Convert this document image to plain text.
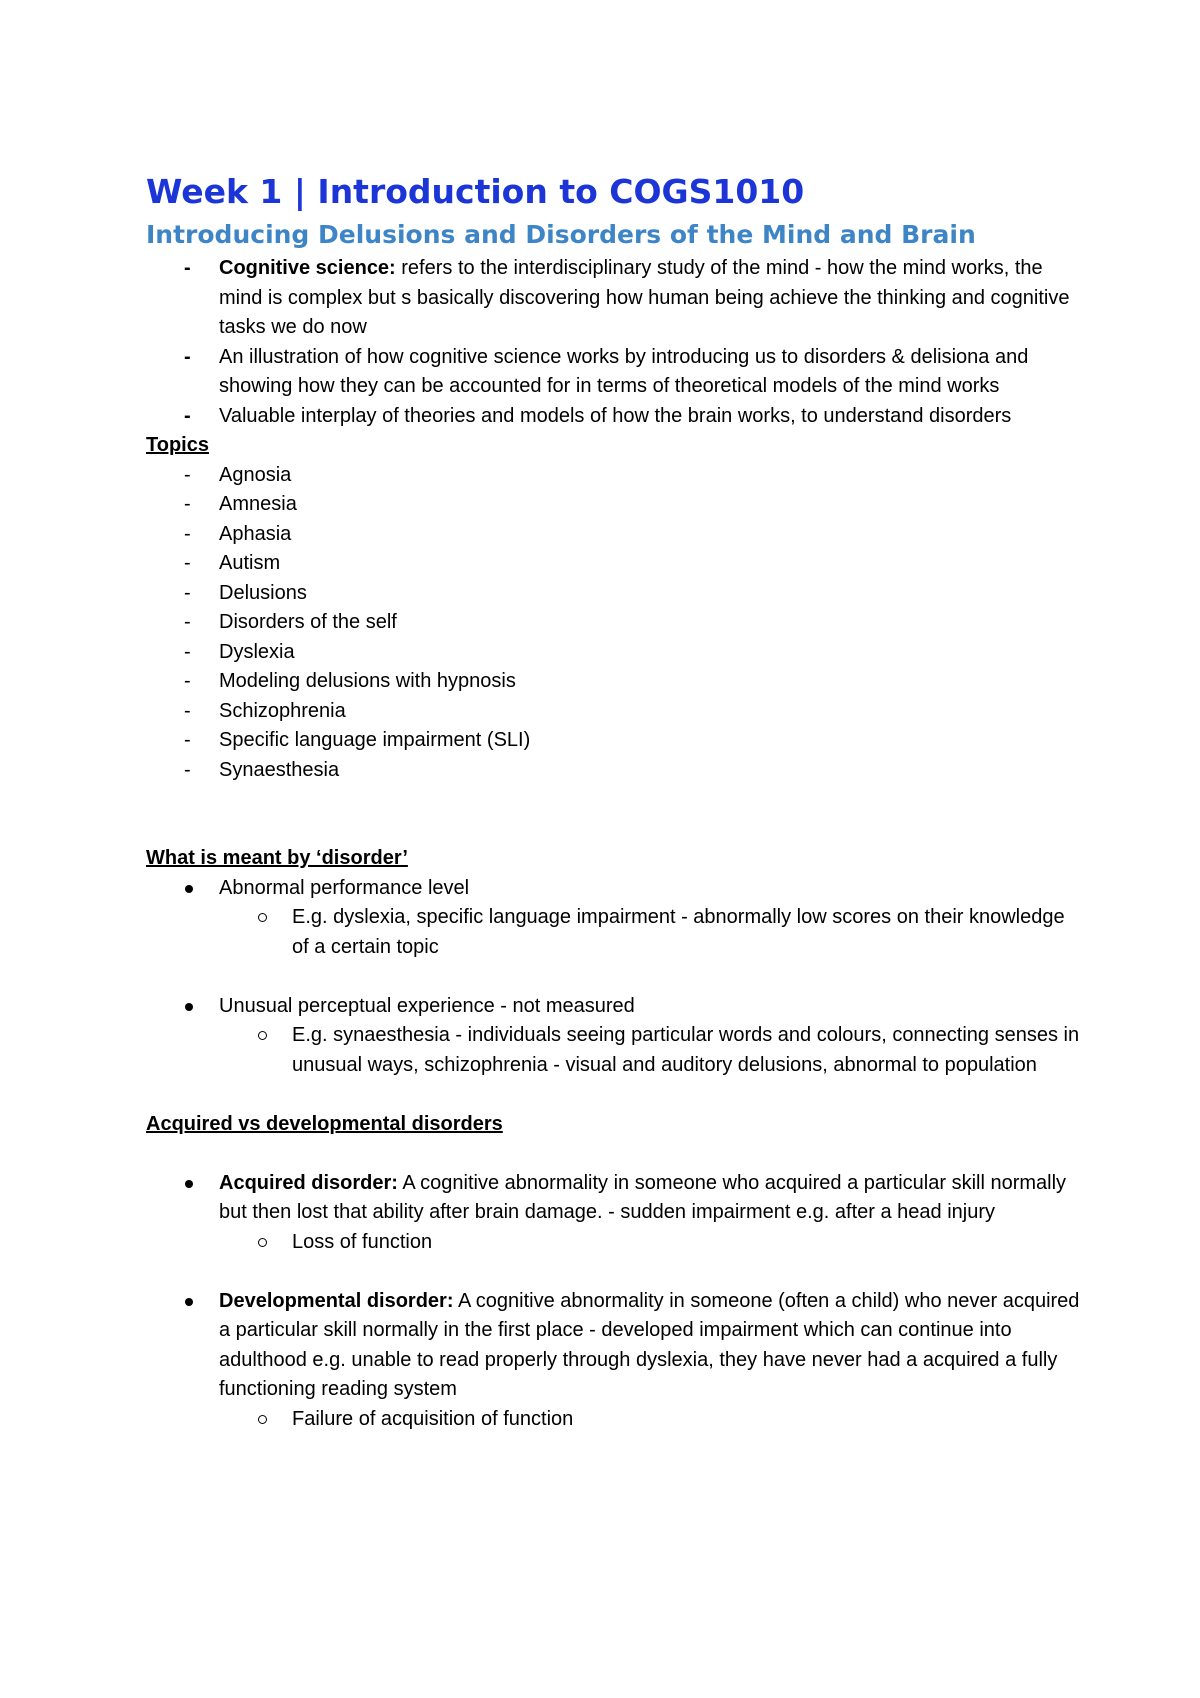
Week 1 | Introduction to COGS1010
Introducing Delusions and Disorders of the Mind and Brain
- Cognitive science: refers to the interdisciplinary study of the mind - how the mind works, the mind is complex but s basically discovering how human being achieve the thinking and cognitive tasks we do now
- An illustration of how cognitive science works by introducing us to disorders & delisiona and showing how they can be accounted for in terms of theoretical models of the mind works
- Valuable interplay of theories and models of how the brain works, to understand disorders
Topics
- Agnosia
- Amnesia
- Aphasia
- Autism
- Delusions
- Disorders of the self
- Dyslexia
- Modeling delusions with hypnosis
- Schizophrenia
- Specific language impairment (SLI)
- Synaesthesia
What is meant by ‘disorder’
Abnormal performance level
E.g. dyslexia, specific language impairment - abnormally low scores on their knowledge of a certain topic
Unusual perceptual experience - not measured
E.g. synaesthesia - individuals seeing particular words and colours, connecting senses in unusual ways, schizophrenia - visual and auditory delusions, abnormal to population
Acquired vs developmental disorders
Acquired disorder: A cognitive abnormality in someone who acquired a particular skill normally but then lost that ability after brain damage. - sudden impairment e.g. after a head injury
Loss of function
Developmental disorder: A cognitive abnormality in someone (often a child) who never acquired a particular skill normally in the first place - developed impairment which can continue into adulthood e.g. unable to read properly through dyslexia, they have never had a acquired a fully functioning reading system
Failure of acquisition of function
